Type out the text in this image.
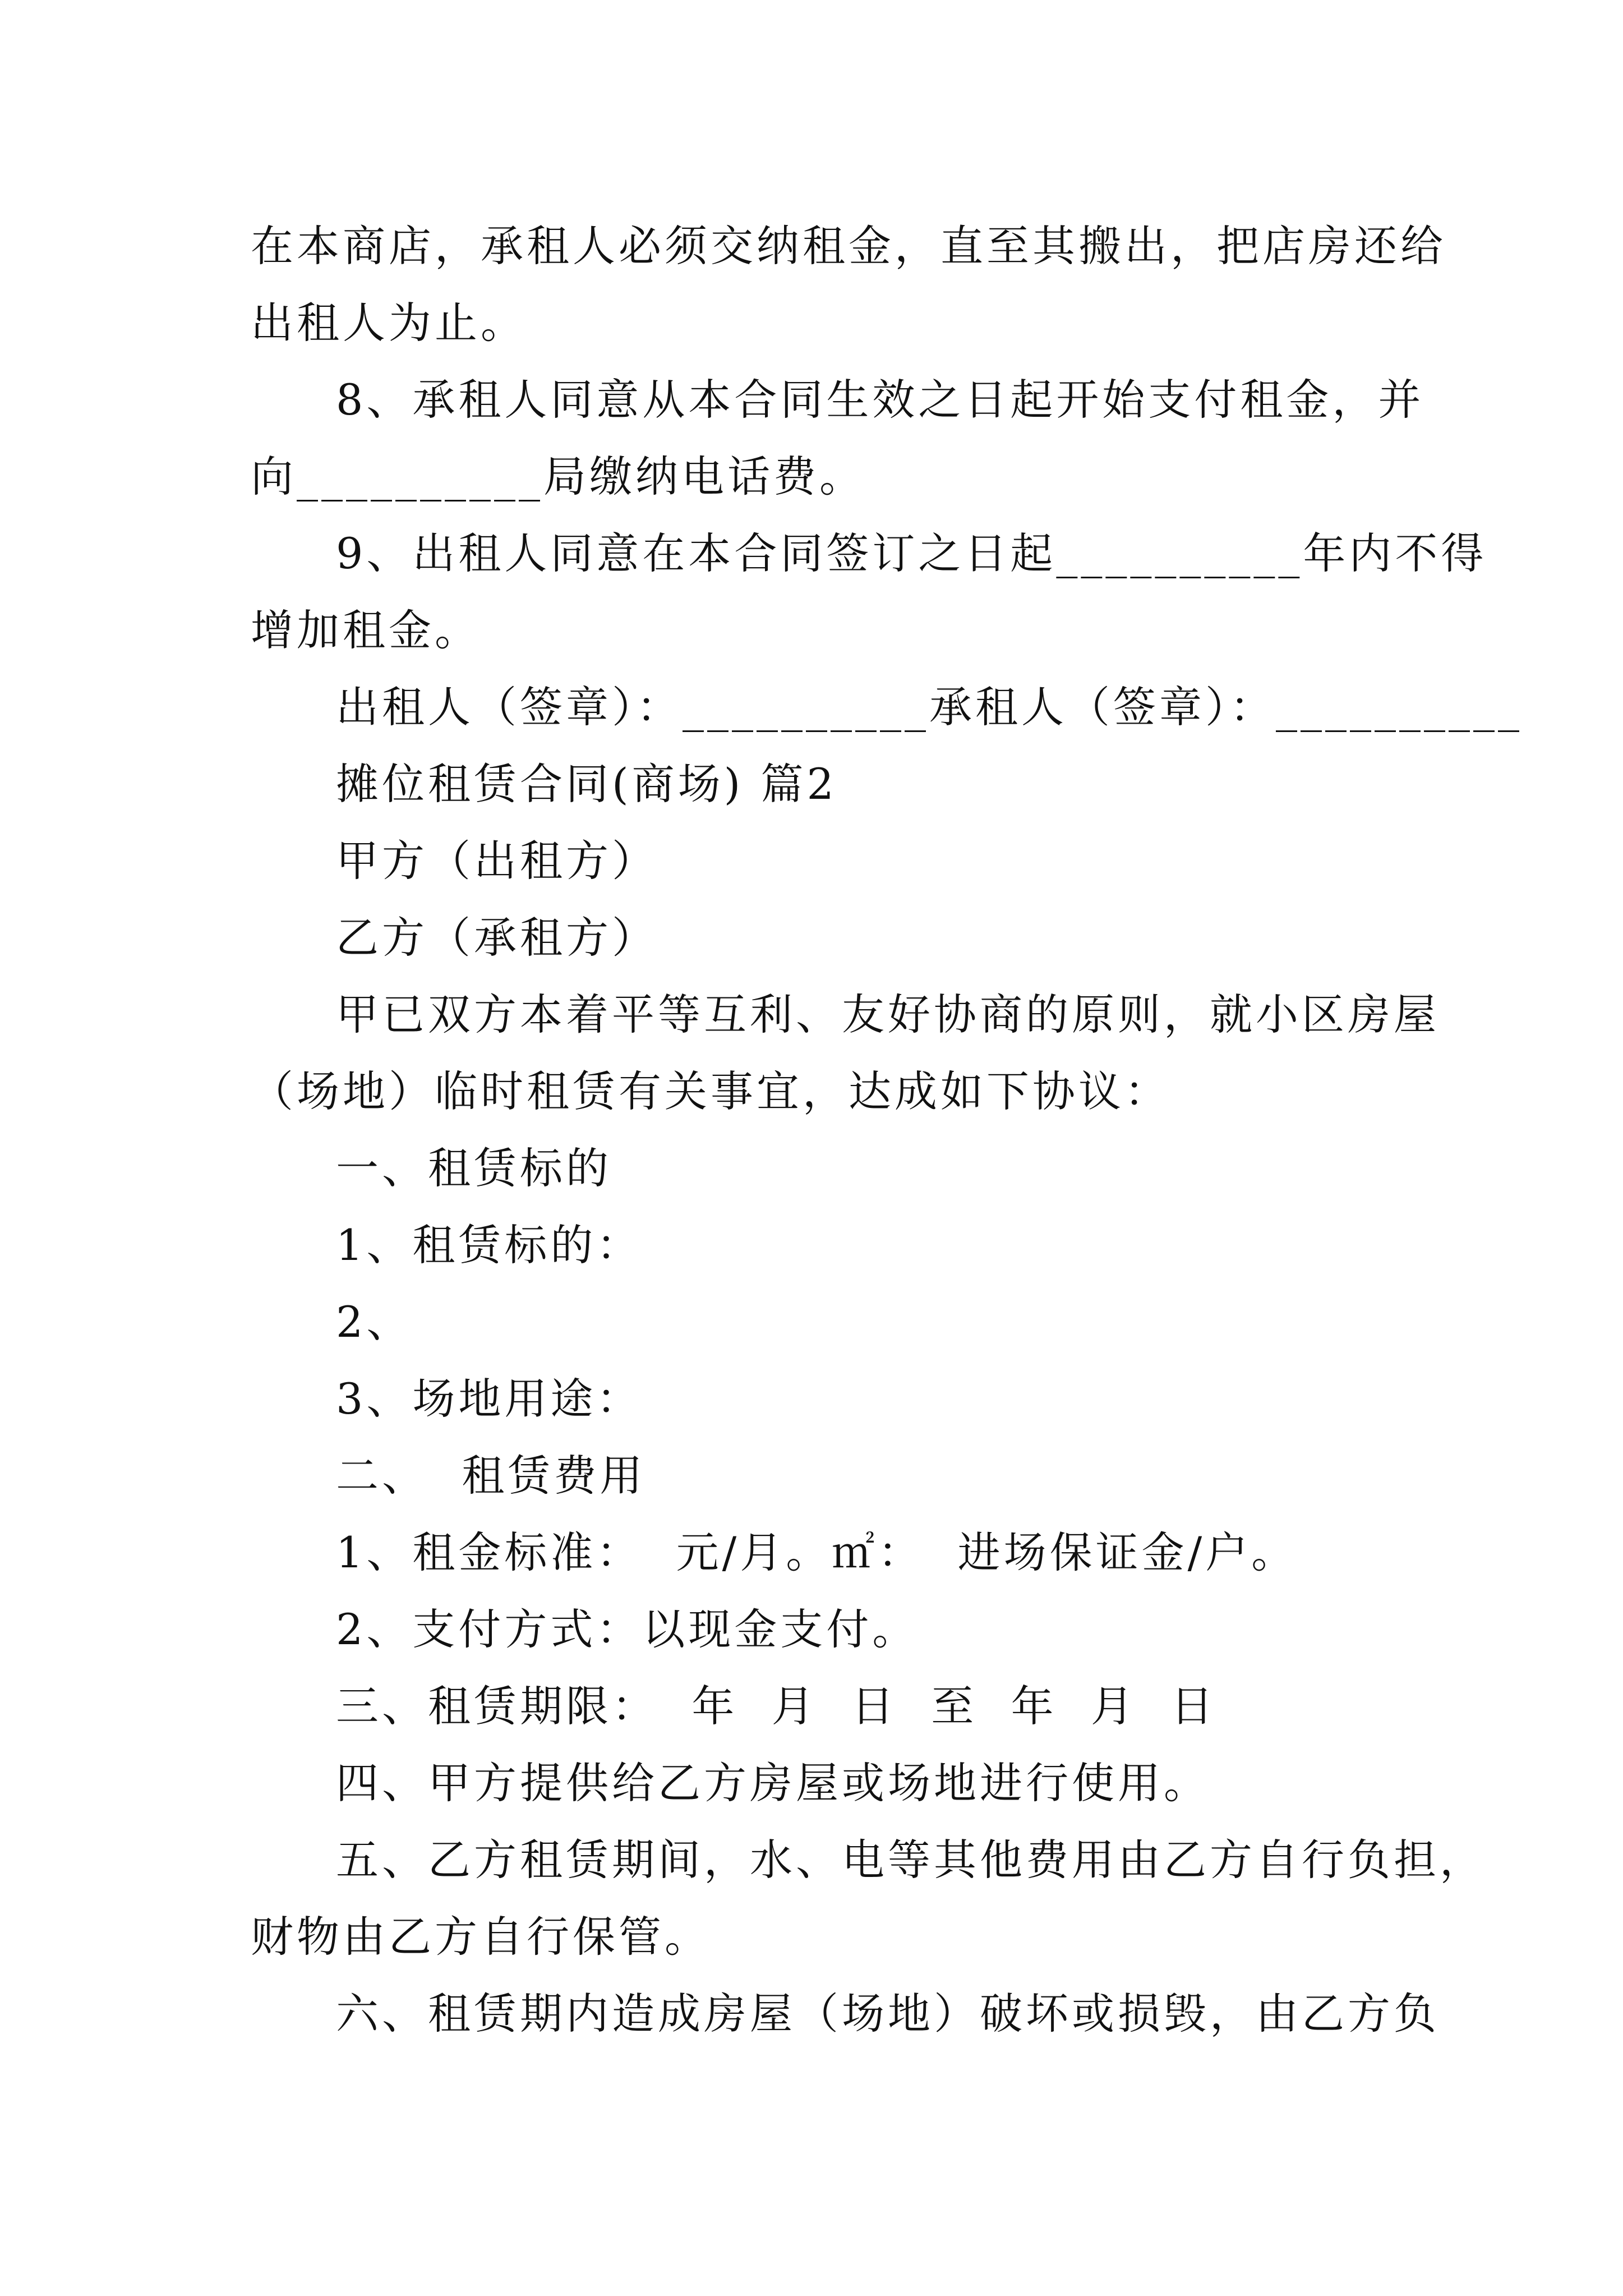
在本商店，承租人必须交纳租金，直至其搬出，把店房还给
出租人为止。
8、承租人同意从本合同生效之日起开始支付租金，并
向__________局缴纳电话费。
9、出租人同意在本合同签订之日起__________年内不得
增加租金。
出租人（签章）：__________承租人（签章）：__________
摊位租赁合同(商场) 篇2
甲方（出租方）
乙方（承租方）
甲已双方本着平等互利、友好协商的原则，就小区房屋
（场地）临时租赁有关事宜，达成如下协议：
一、租赁标的
1、租赁标的：
2、
3、场地用途：
二、  租赁费用
1、租金标准：  元/月。㎡：  进场保证金/户。
2、支付方式：以现金支付。
三、租赁期限：  年  月  日  至  年  月  日
四、甲方提供给乙方房屋或场地进行使用。
五、乙方租赁期间，水、电等其他费用由乙方自行负担，
财物由乙方自行保管。
六、租赁期内造成房屋（场地）破坏或损毁，由乙方负
